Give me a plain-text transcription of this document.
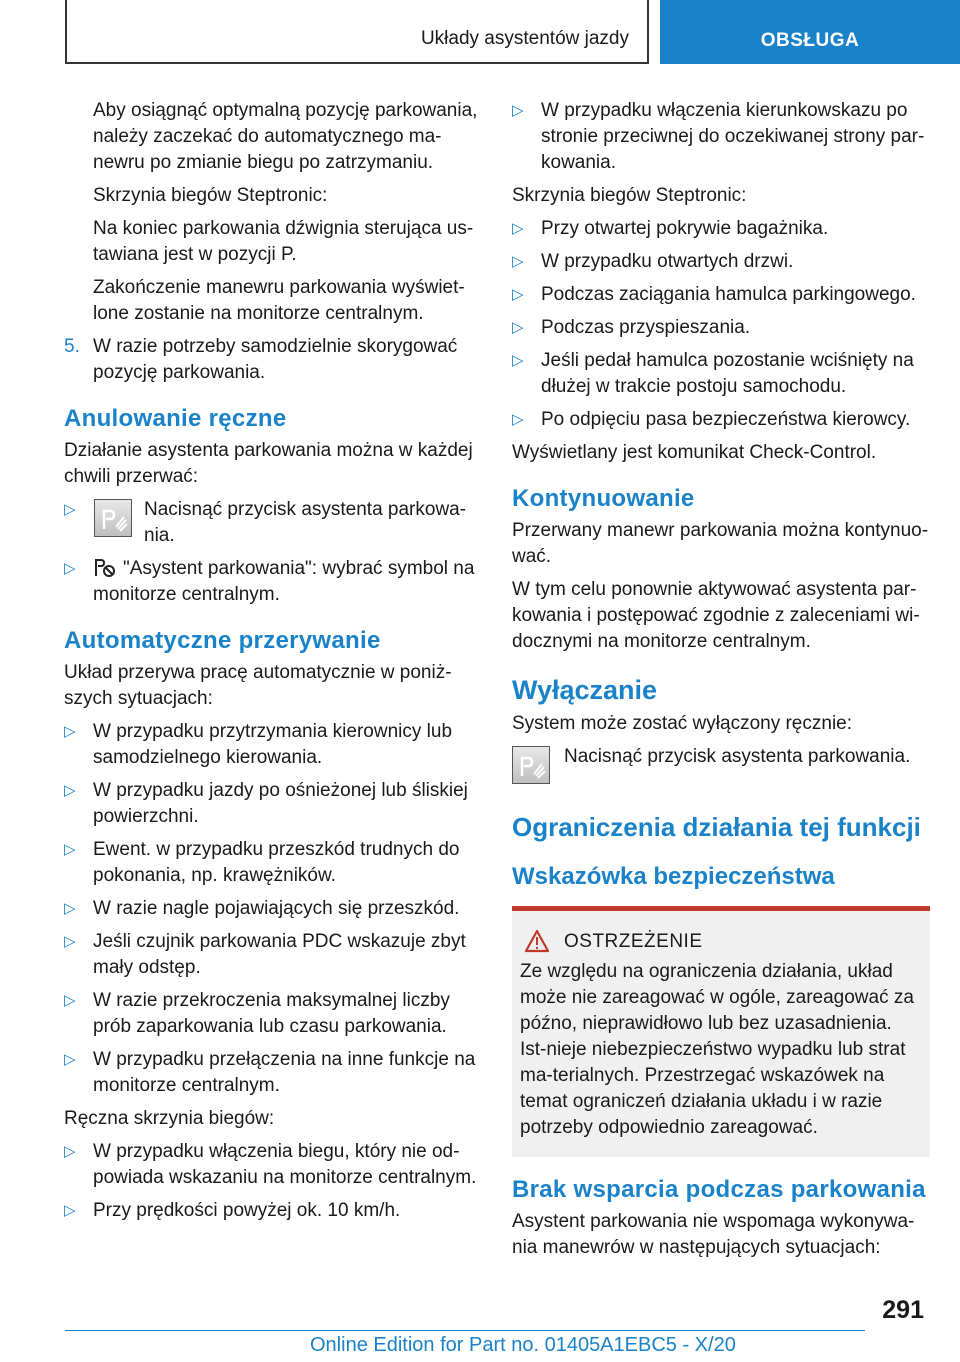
Układy asystentów jazdy	OBSŁUGA

Aby osiągnąć optymalną pozycję parkowania, należy zaczekać do automatycznego ma-newru po zmianie biegu po zatrzymaniu.

Skrzynia biegów Steptronic:

Na koniec parkowania dźwignia sterująca us-tawiana jest w pozycji P.

Zakończenie manewru parkowania wyświet-lone zostanie na monitorze centralnym.

5. W razie potrzeby samodzielnie skorygować pozycję parkowania.
Anulowanie ręczne

Działanie asystenta parkowania można w każdej chwili przerwać:

▷	Nacisnąć przycisk asystenta parkowa-nia.
▷ "Asystent parkowania": wybrać symbol na monitorze centralnym.
Automatyczne przerywanie

Układ przerywa pracę automatycznie w poniż-szych sytuacjach:

▷ W przypadku przytrzymania kierownicy lub samodzielnego kierowania.
▷ W przypadku jazdy po ośnieżonej lub śliskiej powierzchni.
▷ Ewent. w przypadku przeszkód trudnych do pokonania, np. krawężników.
▷ W razie nagle pojawiających się przeszkód.
▷ Jeśli czujnik parkowania PDC wskazuje zbyt mały odstęp.
▷ W razie przekroczenia maksymalnej liczby prób zaparkowania lub czasu parkowania.
▷ W przypadku przełączenia na inne funkcje na monitorze centralnym.

Ręczna skrzynia biegów:

▷ W przypadku włączenia biegu, który nie od-powiada wskazaniu na monitorze centralnym.
▷ Przy prędkości powyżej ok. 10 km/h.
▷ W przypadku włączenia kierunkowskazu po stronie przeciwnej do oczekiwanej strony par-kowania.

Skrzynia biegów Steptronic:

▷ Przy otwartej pokrywie bagażnika.
▷ W przypadku otwartych drzwi.
▷ Podczas zaciągania hamulca parkingowego.
▷ Podczas przyspieszania.
▷ Jeśli pedał hamulca pozostanie wciśnięty na dłużej w trakcie postoju samochodu.
▷ Po odpięciu pasa bezpieczeństwa kierowcy.

Wyświetlany jest komunikat Check-Control.

Kontynuowanie

Przerwany manewr parkowania można kontynuo-wać.

W tym celu ponownie aktywować asystenta par-kowania i postępować zgodnie z zaleceniami wi-docznymi na monitorze centralnym.

Wyłączanie

System może zostać wyłączony ręcznie:

Nacisnąć przycisk asystenta parkowania.
Ograniczenia działania tej funkcji
Wskazówka bezpieczeństwa
OSTRZEŻENIE

Ze względu na ograniczenia działania, układ może nie zareagować w ogóle, zareagować za późno, nieprawidłowo lub bez uzasadnienia. Ist-nieje niebezpieczeństwo wypadku lub strat ma-terialnych. Przestrzegać wskazówek na temat ograniczeń działania układu i w razie potrzeby odpowiednio zareagować.

Brak wsparcia podczas parkowania

Asystent parkowania nie wspomaga wykonywa-nia manewrów w następujących sytuacjach:

291
Online Edition for Part no. 01405A1EBC5 - X/20
